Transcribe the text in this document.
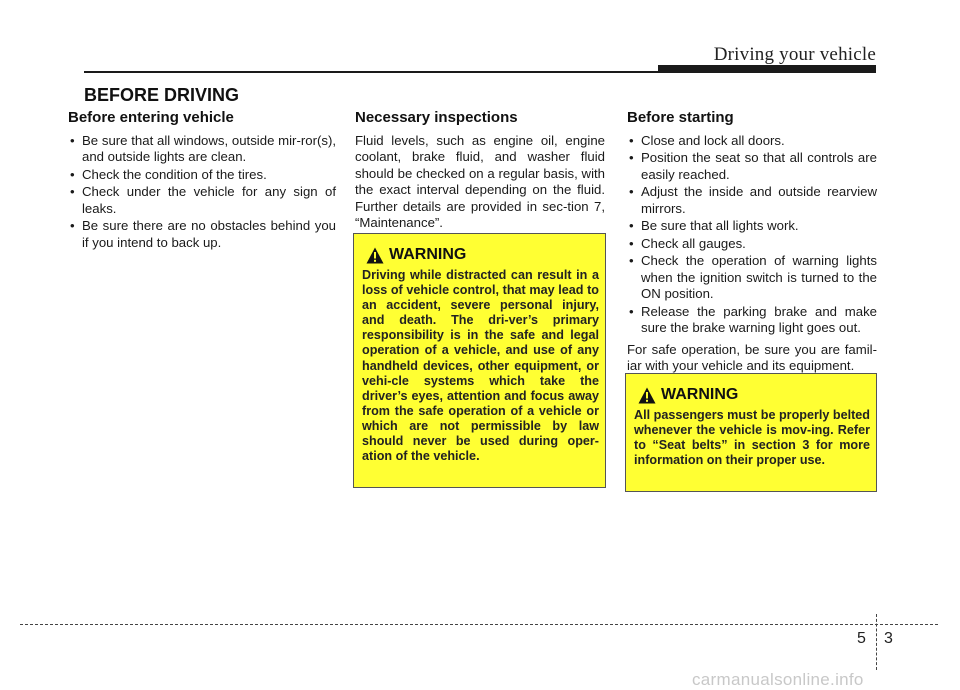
Driving your vehicle
BEFORE DRIVING
Before entering vehicle
• Be sure that all windows, outside mir-ror(s), and outside lights are clean.
• Check the condition of the tires.
• Check under the vehicle for any sign of leaks.
• Be sure there are no obstacles behind you if you intend to back up.
Necessary inspections

Fluid levels, such as engine oil, engine coolant, brake fluid, and washer fluid should be checked on a regular basis, with the exact interval depending on the fluid. Further details are provided in sec-tion 7, “Maintenance”.

Before starting
• Close and lock all doors.
• Position the seat so that all controls are easily reached.
• Adjust the inside and outside rearview mirrors.
• Be sure that all lights work.
• Check all gauges.
• Check the operation of warning lights when the ignition switch is turned to the ON position.
• Release the parking brake and make sure the brake warning light goes out.

For safe operation, be sure you are famil-iar with your vehicle and its equipment.

WARNING

Driving while distracted can result in a loss of vehicle control, that may lead to an accident, severe personal injury, and death. The dri-ver’s primary responsibility is in the safe and legal operation of a vehicle, and use of any handheld devices, other equipment, or vehi-cle systems which take the driver’s eyes, attention and focus away from the safe operation of a vehicle or which are not permissible by law should never be used during oper-ation of the vehicle.

WARNING

All passengers must be properly belted whenever the vehicle is mov-ing. Refer to “Seat belts” in section 3 for more information on their proper use.

5 3
carmanualsonline.info
